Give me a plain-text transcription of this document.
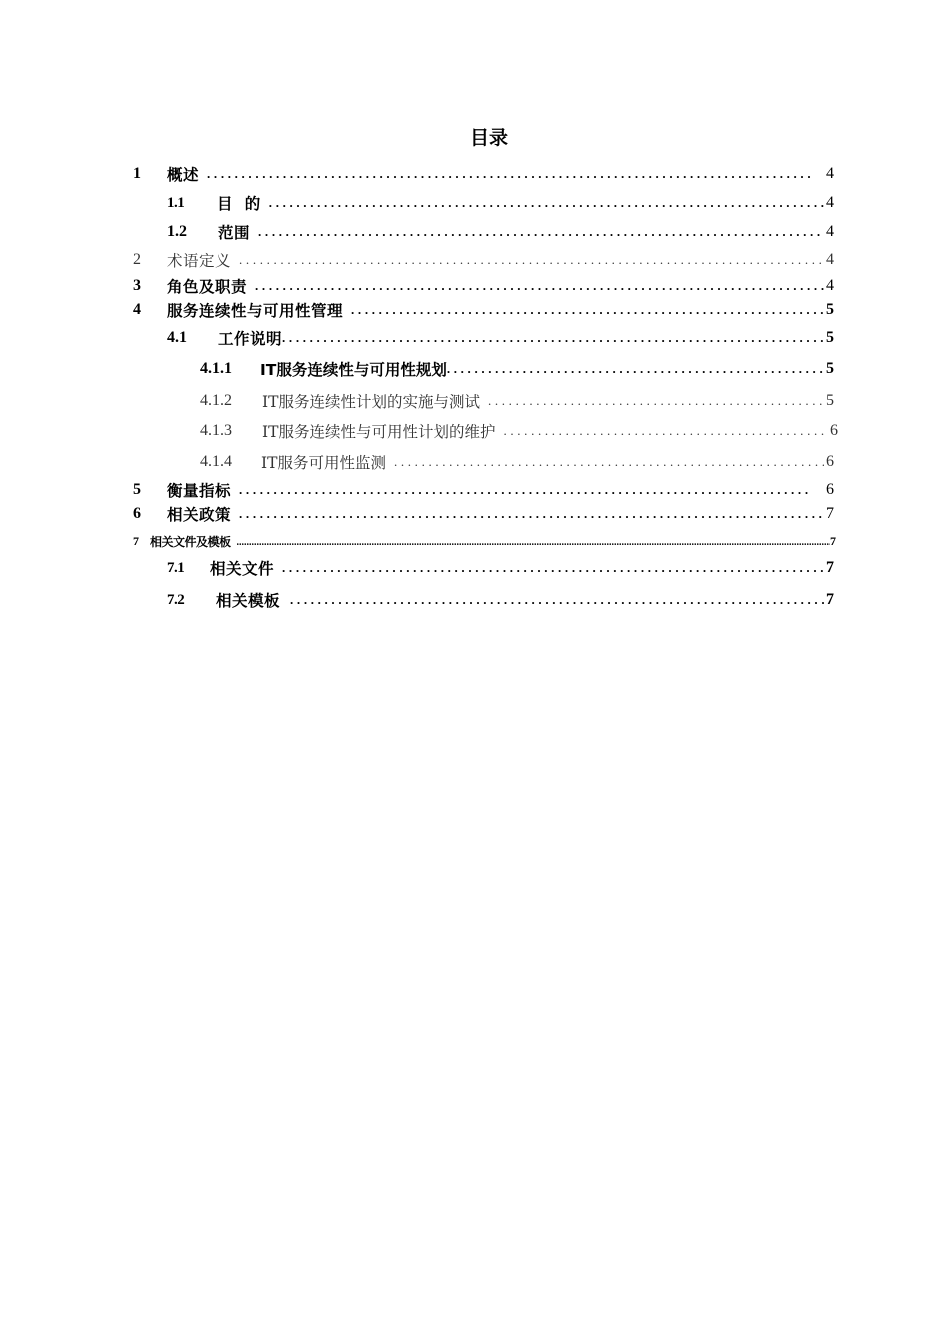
目录
1	概述 . . .	4
1.1	目  的 . . .	4
1.2	范围 . . .	4
2	术语定义 . . .	4
3	角色及职责 . . .	4
4	服务连续性与可用性管理 . . .	5
4.1	工作说明 . . .	5
4.1.1	IT服务连续性与可用性规划 . . .	5
4.1.2	IT服务连续性计划的实施与测试 . . .	5
4.1.3	IT服务连续性与可用性计划的维护 . . .	6
4.1.4	IT服务可用性监测 . . .	6
5	衡量指标 . . .	6
6	相关政策 . . .	7
7 相关文件及模板 .....	7
7.1	相关文件 . . .	7
7.2	相关模板 . . .	7
